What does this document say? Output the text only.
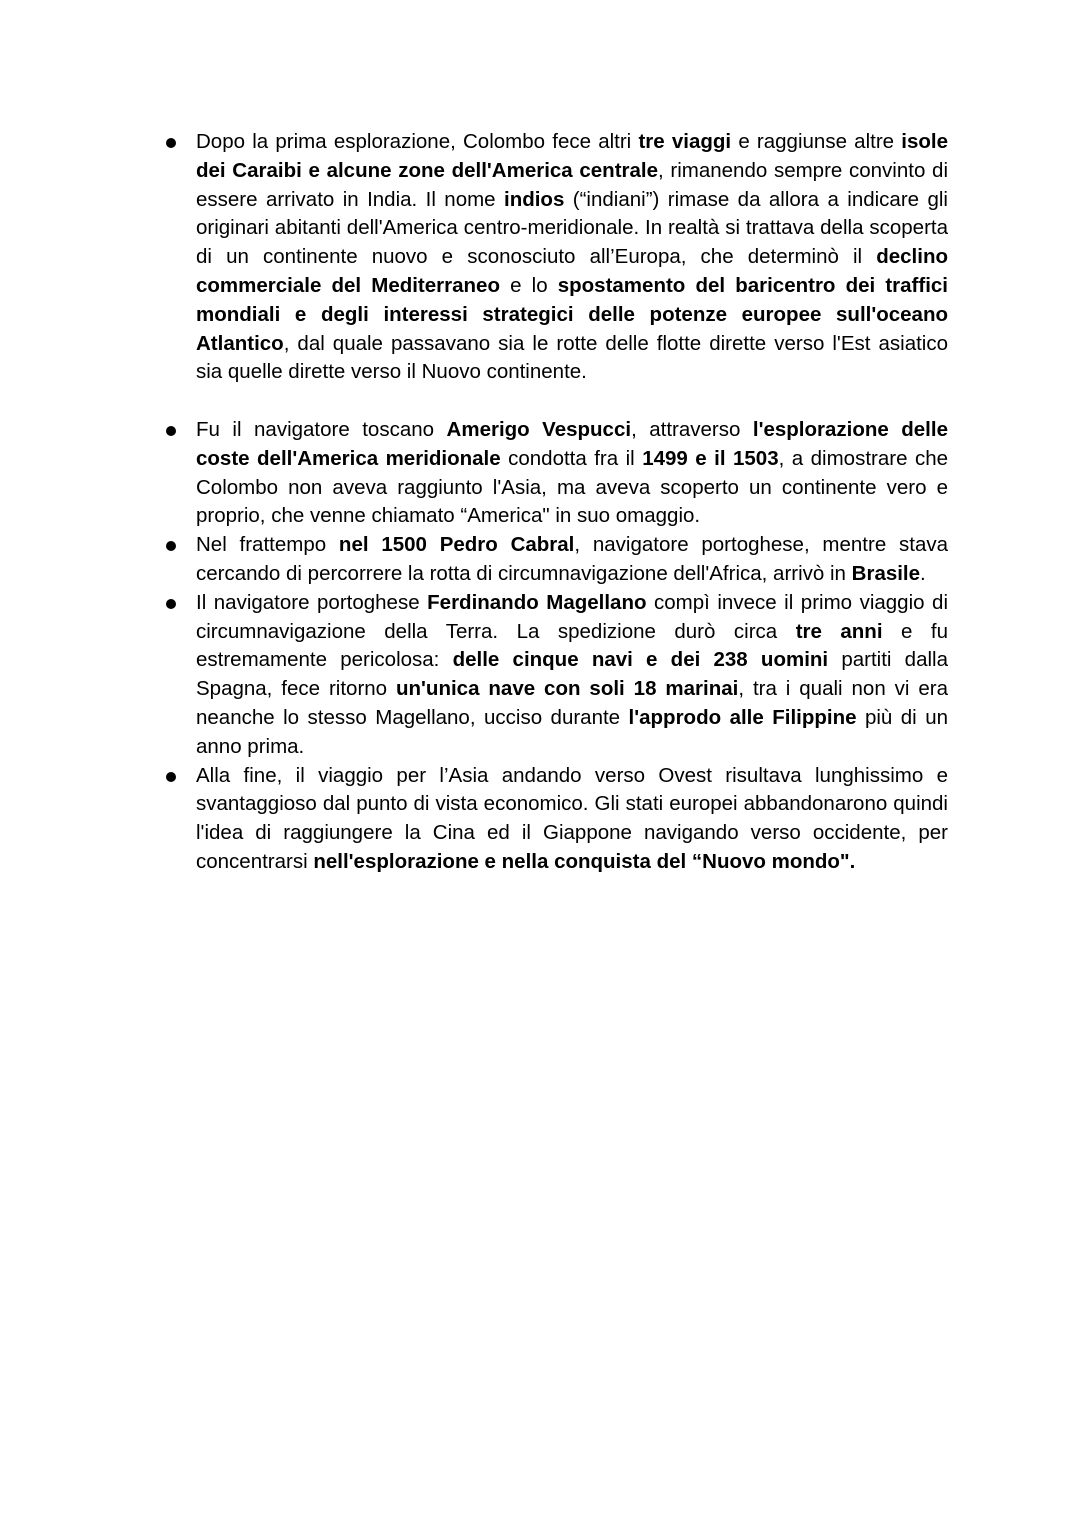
Dopo la prima esplorazione, Colombo fece altri tre viaggi e raggiunse altre isole dei Caraibi e alcune zone dell'America centrale, rimanendo sempre convinto di essere arrivato in India. Il nome indios (“indiani”) rimase da allora a indicare gli originari abitanti dell'America centro-meridionale. In realtà si trattava della scoperta di un continente nuovo e sconosciuto all’Europa, che determinò il declino commerciale del Mediterraneo e lo spostamento del baricentro dei traffici mondiali e degli interessi strategici delle potenze europee sull'oceano Atlantico, dal quale passavano sia le rotte delle flotte dirette verso l'Est asiatico sia quelle dirette verso il Nuovo continente.
Fu il navigatore toscano Amerigo Vespucci, attraverso l'esplorazione delle coste dell'America meridionale condotta fra il 1499 e il 1503, a dimostrare che Colombo non aveva raggiunto l'Asia, ma aveva scoperto un continente vero e proprio, che venne chiamato “America" in suo omaggio.
Nel frattempo nel 1500 Pedro Cabral, navigatore portoghese, mentre stava cercando di percorrere la rotta di circumnavigazione dell'Africa, arrivò in Brasile.
Il navigatore portoghese Ferdinando Magellano compì invece il primo viaggio di circumnavigazione della Terra. La spedizione durò circa tre anni e fu estremamente pericolosa: delle cinque navi e dei 238 uomini partiti dalla Spagna, fece ritorno un'unica nave con soli 18 marinai, tra i quali non vi era neanche lo stesso Magellano, ucciso durante l'approdo alle Filippine più di un anno prima.
Alla fine, il viaggio per l’Asia andando verso Ovest risultava lunghissimo e svantaggioso dal punto di vista economico. Gli stati europei abbandonarono quindi l'idea di raggiungere la Cina ed il Giappone navigando verso occidente, per concentrarsi nell'esplorazione e nella conquista del “Nuovo mondo".
